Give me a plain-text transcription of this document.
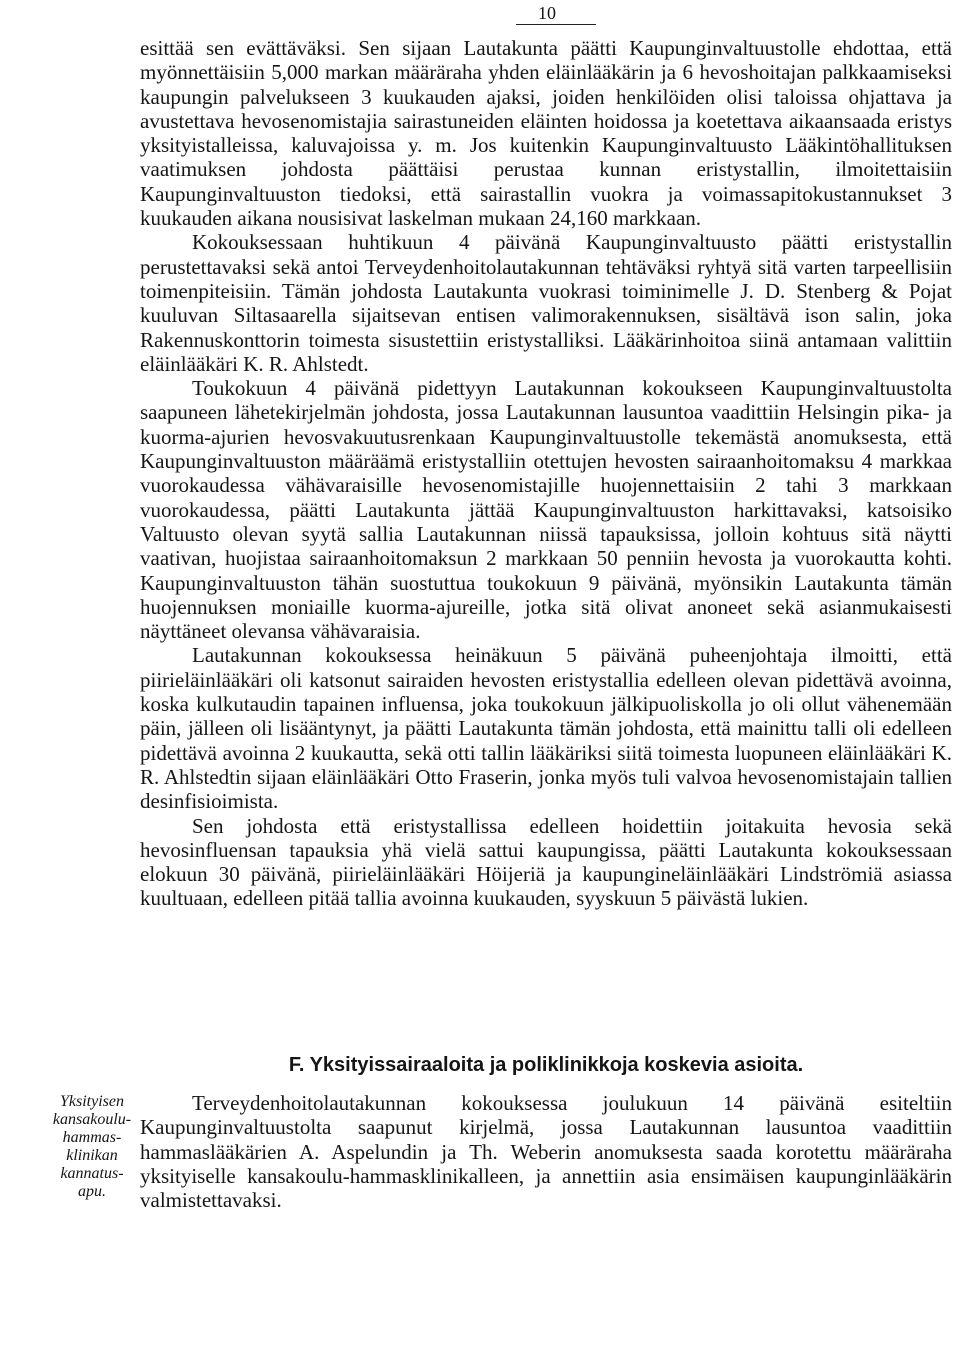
10

esittää sen evättäväksi. Sen sijaan Lautakunta päätti Kaupunginvaltuustolle ehdottaa, että myönnettäisiin 5,000 markan määräraha yhden eläinlääkärin ja 6 hevoshoitajan palkkaamiseksi kaupungin palvelukseen 3 kuukauden ajaksi, joiden henkilöiden olisi taloissa ohjattava ja avustettava hevosenomistajia sairastuneiden eläinten hoidossa ja koetettava aikaansaada eristys yksityistalleissa, kaluvajoissa y. m. Jos kuitenkin Kaupunginvaltuusto Lääkintöhallituksen vaatimuksen johdosta päättäisi perustaa kunnan eristystallin, ilmoitettaisiin Kaupunginvaltuuston tiedoksi, että sairastallin vuokra ja voimassapitokustannukset 3 kuukauden aikana nousisivat laskelman mukaan 24,160 markkaan.

Kokouksessaan huhtikuun 4 päivänä Kaupunginvaltuusto päätti eristystallin perustettavaksi sekä antoi Terveydenhoitolautakunnan tehtäväksi ryhtyä sitä varten tarpeellisiin toimenpiteisiin. Tämän johdosta Lautakunta vuokrasi toiminimelle J. D. Stenberg & Pojat kuuluvan Siltasaarella sijaitsevan entisen valimorakennuksen, sisältävä ison salin, joka Rakennuskonttorin toimesta sisustettiin eristystalliksi. Lääkärinhoitoa siinä antamaan valittiin eläinlääkäri K. R. Ahlstedt.

Toukokuun 4 päivänä pidettyyn Lautakunnan kokoukseen Kaupunginvaltuustolta saapuneen lähetekirjelmän johdosta, jossa Lautakunnan lausuntoa vaadittiin Helsingin pika- ja kuorma-ajurien hevosvakuutusrenkaan Kaupunginvaltuustolle tekemästä anomuksesta, että Kaupunginvaltuuston määräämä eristystalliin otettujen hevosten sairaanhoitomaksu 4 markkaa vuorokaudessa vähävaraisille hevosenomistajille huojennettaisiin 2 tahi 3 markkaan vuorokaudessa, päätti Lautakunta jättää Kaupunginvaltuuston harkittavaksi, katsoisiko Valtuusto olevan syytä sallia Lautakunnan niissä tapauksissa, jolloin kohtuus sitä näytti vaativan, huojistaa sairaanhoitomaksun 2 markkaan 50 penniin hevosta ja vuorokautta kohti. Kaupunginvaltuuston tähän suostuttua toukokuun 9 päivänä, myönsikin Lautakunta tämän huojennuksen moniaille kuorma-ajureille, jotka sitä olivat anoneet sekä asianmukaisesti näyttäneet olevansa vähävaraisia.

Lautakunnan kokouksessa heinäkuun 5 päivänä puheenjohtaja ilmoitti, että piirieläinlääkäri oli katsonut sairaiden hevosten eristystallia edelleen olevan pidettävä avoinna, koska kulkutaudin tapainen influensa, joka toukokuun jälkipuoliskolla jo oli ollut vähenemään päin, jälleen oli lisääntynyt, ja päätti Lautakunta tämän johdosta, että mainittu talli oli edelleen pidettävä avoinna 2 kuukautta, sekä otti tallin lääkäriksi siitä toimesta luopuneen eläinlääkäri K. R. Ahlstedtin sijaan eläinlääkäri Otto Fraserin, jonka myös tuli valvoa hevosenomistajain tallien desinfisioimista.

Sen johdosta että eristystallissa edelleen hoidettiin joitakuita hevosia sekä hevosinfluensan tapauksia yhä vielä sattui kaupungissa, päätti Lautakunta kokouksessaan elokuun 30 päivänä, piirieläinlääkäri Höijeriä ja kaupungineläinlääkäri Lindströmiä asiassa kuultuaan, edelleen pitää tallia avoinna kuukauden, syyskuun 5 päivästä lukien.

F. Yksityissairaaloita ja poliklinikkoja koskevia asioita.

Terveydenhoitolautakunnan kokouksessa joulukuun 14 päivänä esiteltiin Kaupunginvaltuustolta saapunut kirjelmä, jossa Lautakunnan lausuntoa vaadittiin hammaslääkärien A. Aspelundin ja Th. Weberin anomuksesta saada korotettu määräraha yksityiselle kansakoulu-hammasklinikalleen, ja annettiin asia ensimäisen kaupunginlääkärin valmistettavaksi.

Yksityisen
kansakoulu-
hammas-
klinikan
kannatus-
apu.
